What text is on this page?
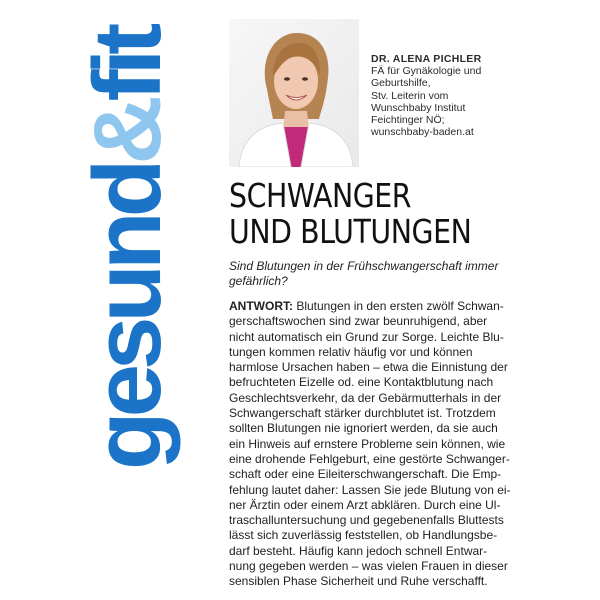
gesund&fit	DR. ALENA PICHLER
FÄ für Gynäkologie und
Geburtshilfe,
Stv. Leiterin vom
Wunschbaby Institut
Feichtinger NÖ;
wunschbaby-baden.at
SCHWANGER
UND BLUTUNGEN
Sind Blutungen in der Frühschwangerschaft immer
gefährlich?
ANTWORT: Blutungen in den ersten zwölf Schwan-
gerschaftswochen sind zwar beunruhigend, aber
nicht automatisch ein Grund zur Sorge. Leichte Blu-
tungen kommen relativ häufig vor und können
harmlose Ursachen haben – etwa die Einnistung der
befruchteten Eizelle od. eine Kontaktblutung nach
Geschlechtsverkehr, da der Gebärmutterhals in der
Schwangerschaft stärker durchblutet ist. Trotzdem
sollten Blutungen nie ignoriert werden, da sie auch
ein Hinweis auf ernstere Probleme sein können, wie
eine drohende Fehlgeburt, eine gestörte Schwanger-
schaft oder eine Eileiterschwangerschaft. Die Emp-
fehlung lautet daher: Lassen Sie jede Blutung von ei-
ner Ärztin oder einem Arzt abklären. Durch eine Ul-
traschalluntersuchung und gegebenenfalls Bluttests
lässt sich zuverlässig feststellen, ob Handlungsbe-
darf besteht. Häufig kann jedoch schnell Entwar-
nung gegeben werden – was vielen Frauen in dieser
sensiblen Phase Sicherheit und Ruhe verschafft.
